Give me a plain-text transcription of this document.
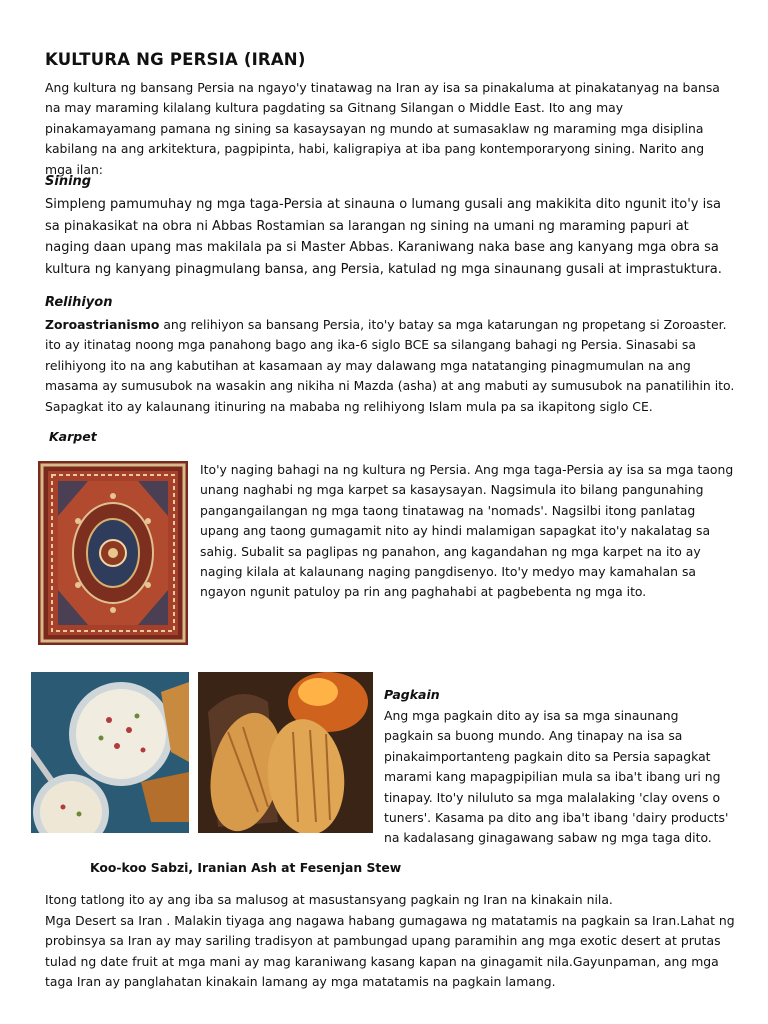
KULTURA NG PERSIA (IRAN)
Ang kultura ng bansang Persia na ngayo'y tinatawag na Iran ay isa sa pinakaluma at pinakatanyag na bansa na may maraming kilalang kultura pagdating sa Gitnang Silangan o Middle East. Ito ang may pinakamayamang pamana ng sining sa kasaysayan ng mundo at sumasaklaw ng maraming mga disiplina kabilang na ang arkitektura, pagpipinta, habi, kaligrapiya at iba pang kontemporaryong sining. Narito ang mga ilan:
Sining
Simpleng pamumuhay ng mga taga-Persia at sinauna o lumang gusali ang makikita dito ngunit ito'y isa sa pinakasikat na obra ni Abbas Rostamian sa larangan ng sining na umani ng maraming papuri at naging daan upang mas makilala pa si Master Abbas. Karaniwang naka base ang kanyang mga obra sa kultura ng kanyang pinagmulang bansa, ang Persia, katulad ng mga sinaunang gusali at imprastuktura.
Relihiyon
Zoroastrianismo ang relihiyon sa bansang Persia, ito'y batay sa mga katarungan ng propetang si Zoroaster. ito ay itinatag noong mga panahong bago ang ika-6 siglo BCE sa silangang bahagi ng Persia. Sinasabi sa relihiyong ito na ang kabutihan at kasamaan ay may dalawang mga natatanging pinagmumulan na ang masama ay sumusubok na wasakin ang nikiha ni Mazda (asha) at ang mabuti ay sumusubok na panatilihin ito. Sapagkat ito ay kalaunang itinuring na mababa ng relihiyong Islam mula pa sa ikapitong siglo CE.
Karpet
Ito'y naging bahagi na ng kultura ng Persia. Ang mga taga-Persia ay isa sa mga taong unang naghabi ng mga karpet sa kasaysayan. Nagsimula ito bilang pangunahing pangangailangan ng mga taong tinatawag na 'nomads'. Nagsilbi itong panlatag upang ang taong gumagamit nito ay hindi malamigan sapagkat ito'y nakalatag sa sahig. Subalit sa paglipas ng panahon, ang kagandahan ng mga karpet na ito ay naging kilala at kalaunang naging pangdisenyo. Ito'y medyo may kamahalan sa ngayon ngunit patuloy pa rin ang paghahabi at pagbebenta ng mga ito.
Pagkain
Ang mga pagkain dito ay isa sa mga sinaunang pagkain sa buong mundo. Ang tinapay na isa sa pinakaimportanteng pagkain dito sa Persia sapagkat marami kang mapagpipilian mula sa iba't ibang uri ng tinapay. Ito'y niluluto sa mga malalaking 'clay ovens o tuners'. Kasama pa dito ang iba't ibang 'dairy products' na kadalasang ginagawang sabaw ng mga taga dito.
Koo-koo Sabzi, Iranian Ash at Fesenjan Stew
Itong tatlong ito ay ang iba sa malusog at masustansyang pagkain ng Iran na kinakain nila.
Mga Desert sa Iran . Malakin tiyaga ang nagawa habang gumagawa ng matatamis na pagkain sa Iran.Lahat ng probinsya sa Iran ay may sariling tradisyon at pambungad upang paramihin ang mga exotic desert at prutas tulad ng date fruit at mga mani ay mag karaniwang kasang kapan na ginagamit nila.Gayunpaman, ang mga taga Iran ay panglahatan kinakain lamang ay mga matatamis na pagkain lamang.
